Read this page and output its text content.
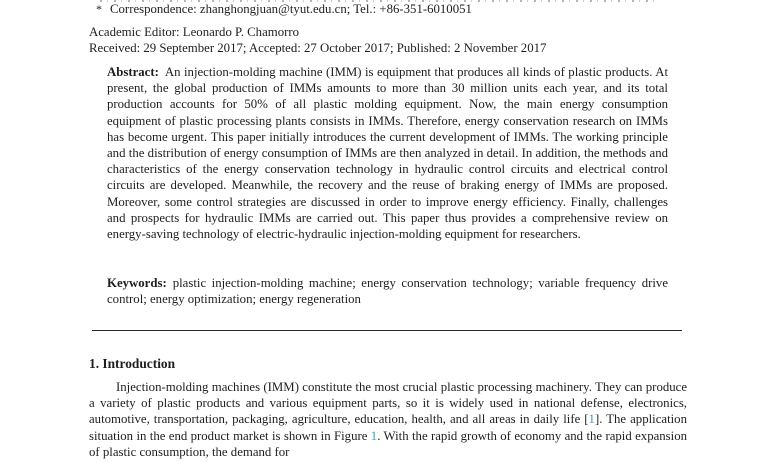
* Correspondence: zhanghongjuan@tyut.edu.cn; Tel.: +86-351-6010051
Academic Editor: Leonardo P. Chamorro
Received: 29 September 2017; Accepted: 27 October 2017; Published: 2 November 2017

Abstract: An injection-molding machine (IMM) is equipment that produces all kinds of plastic products. At present, the global production of IMMs amounts to more than 30 million units each year, and its total production accounts for 50% of all plastic molding equipment. Now, the main energy consumption equipment of plastic processing plants consists in IMMs. Therefore, energy conservation research on IMMs has become urgent. This paper initially introduces the current development of IMMs. The working principle and the distribution of energy consumption of IMMs are then analyzed in detail. In addition, the methods and characteristics of the energy conservation technology in hydraulic control circuits and electrical control circuits are developed. Meanwhile, the recovery and the reuse of braking energy of IMMs are proposed. Moreover, some control strategies are discussed in order to improve energy efficiency. Finally, challenges and prospects for hydraulic IMMs are carried out. This paper thus provides a comprehensive review on energy-saving technology of electric-hydraulic injection-molding equipment for researchers.

Keywords: plastic injection-molding machine; energy conservation technology; variable frequency drive control; energy optimization; energy regeneration

1. Introduction

Injection-molding machines (IMM) constitute the most crucial plastic processing machinery. They can produce a variety of plastic products and various equipment parts, so it is widely used in national defense, electronics, automotive, transportation, packaging, agriculture, education, health, and all areas in daily life [1]. The application situation in the end product market is shown in Figure 1. With the rapid growth of economy and the rapid expansion of plastic consumption, the demand for
